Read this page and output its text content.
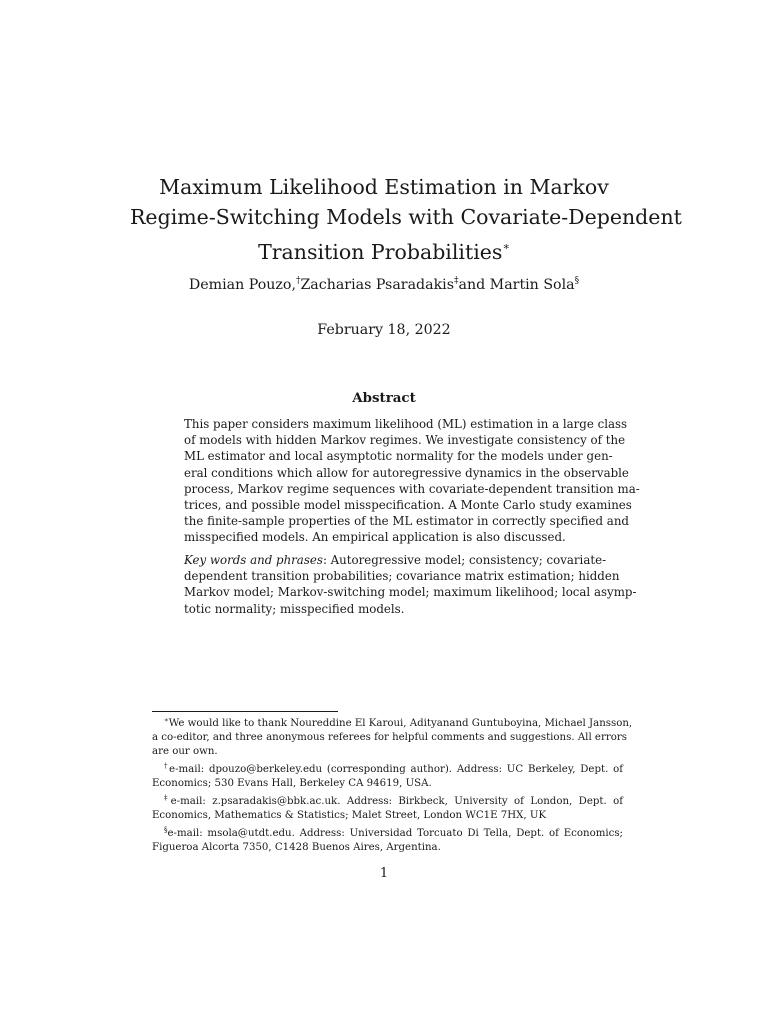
Maximum Likelihood Estimation in Markov
Regime-Switching Models with Covariate-Dependent
Transition Probabilities∗
Demian Pouzo,†Zacharias Psaradakis‡and Martin Sola§
February 18, 2022
Abstract

This paper considers maximum likelihood (ML) estimation in a large class
of models with hidden Markov regimes. We investigate consistency of the
ML estimator and local asymptotic normality for the models under gen-
eral conditions which allow for autoregressive dynamics in the observable
process, Markov regime sequences with covariate-dependent transition ma-
trices, and possible model misspecification. A Monte Carlo study examines
the finite-sample properties of the ML estimator in correctly specified and
misspecified models. An empirical application is also discussed.

Key words and phrases: Autoregressive model; consistency; covariate-
dependent transition probabilities; covariance matrix estimation; hidden
Markov model; Markov-switching model; maximum likelihood; local asymp-
totic normality; misspecified models.

∗We would like to thank Noureddine El Karoui, Adityanand Guntuboyina, Michael Jansson,
a co-editor, and three anonymous referees for helpful comments and suggestions. All errors
are our own.

†e-mail: dpouzo@berkeley.edu (corresponding author). Address: UC Berkeley, Dept. of
Economics; 530 Evans Hall, Berkeley CA 94619, USA.

‡e-mail: z.psaradakis@bbk.ac.uk. Address: Birkbeck, University of London, Dept. of
Economics, Mathematics & Statistics; Malet Street, London WC1E 7HX, UK

§e-mail: msola@utdt.edu. Address: Universidad Torcuato Di Tella, Dept. of Economics;
Figueroa Alcorta 7350, C1428 Buenos Aires, Argentina.

1
